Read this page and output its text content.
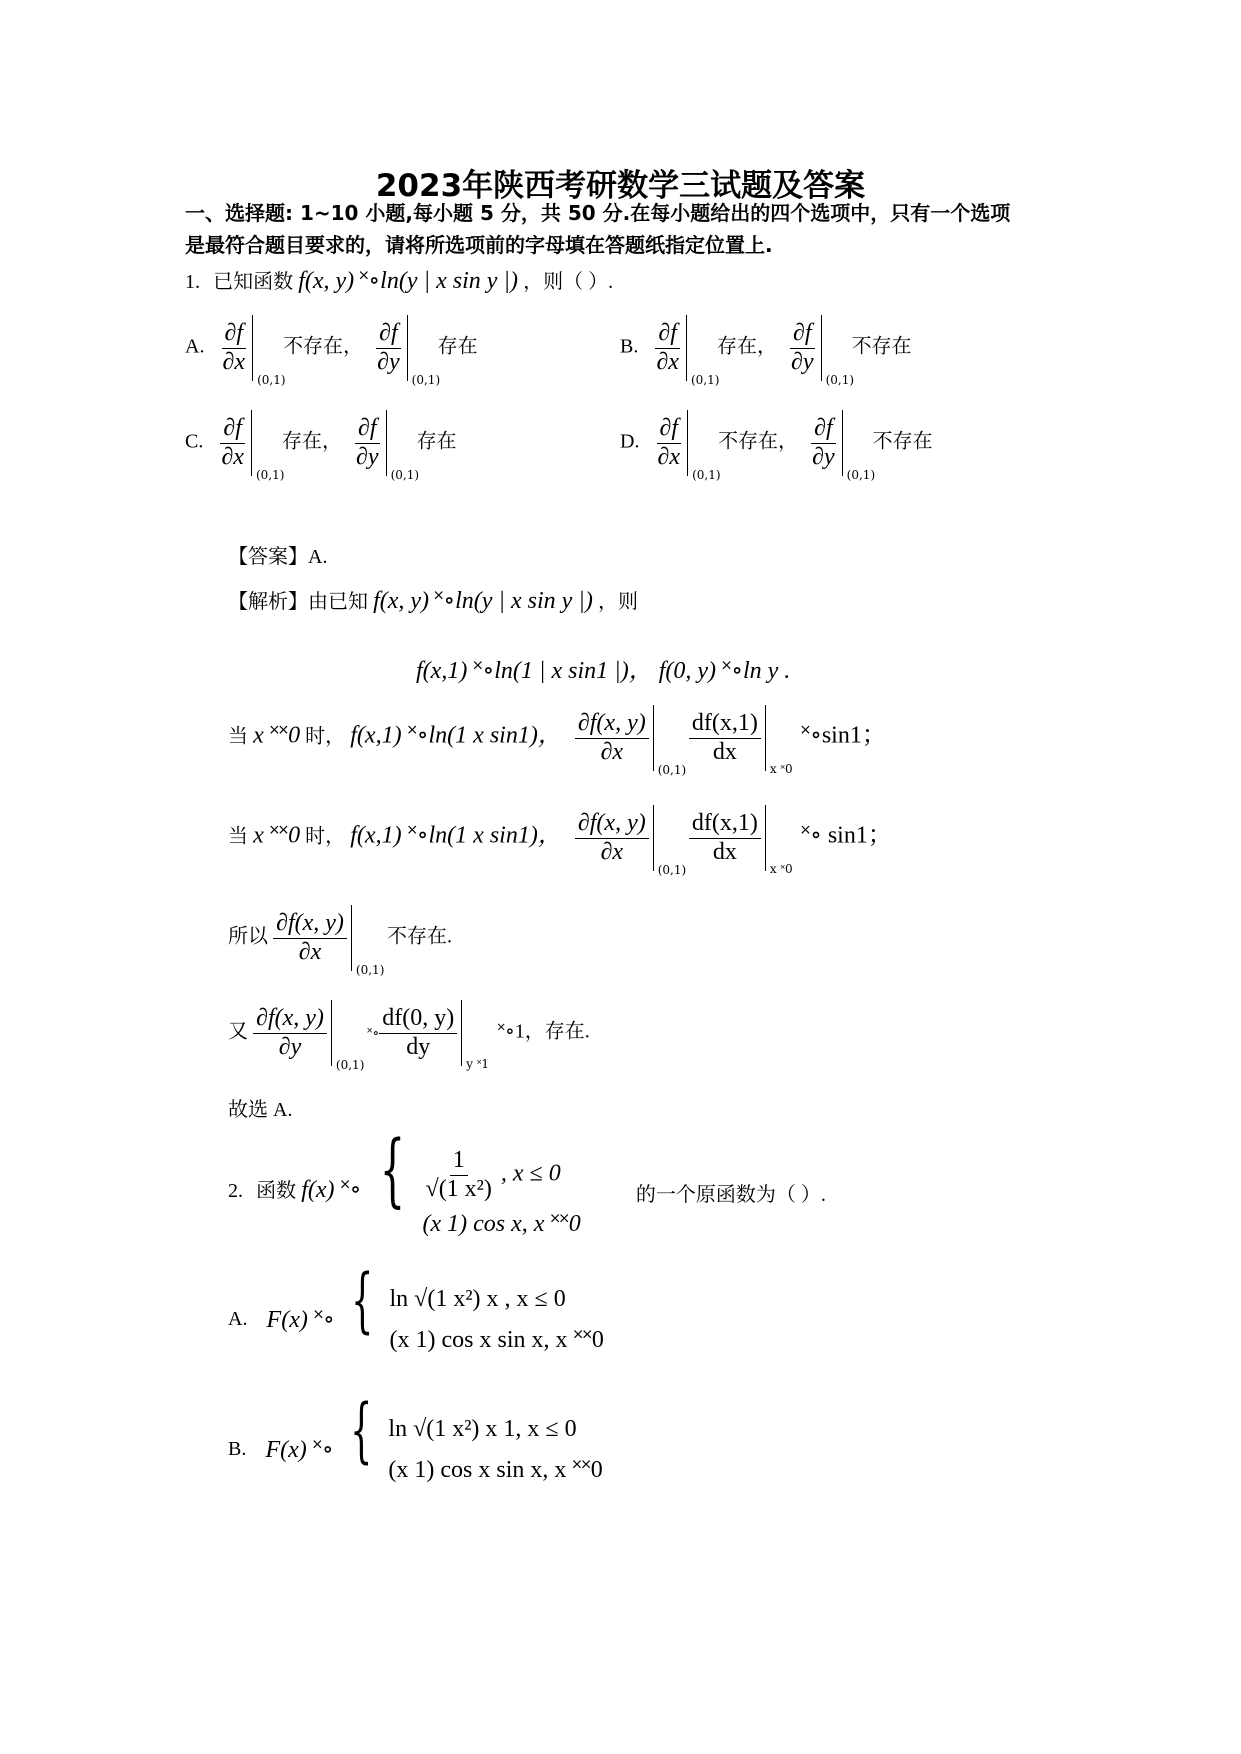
2023年陕西考研数学三试题及答案
一、选择题: 1~10 小题,每小题 5 分，共 50 分.在每小题给出的四个选项中，只有一个选项
是最符合题目要求的，请将所选项前的字母填在答题纸指定位置上.
1. 已知函数 f(x, y) ˟∘ln(y | x sin y |) ，则（ ）.
A. $\frac{\partial f}{\partial x}$
(0,1)
不存在， $\frac{\partial f}{\partial y}$
(0,1)
存在	B. $\frac{\partial f}{\partial x}$
(0,1)
存在， $\frac{\partial f}{\partial y}$
(0,1)
不存在
C. $\frac{\partial f}{\partial x}$
(0,1)
存在， $\frac{\partial f}{\partial y}$
(0,1)
存在	D. $\frac{\partial f}{\partial x}$
(0,1)
不存在， $\frac{\partial f}{\partial y}$
(0,1)
不存在
【答案】A.
【解析】由已知 f(x, y) ˟∘ln(y | x sin y |) ，则
f(x,1) ˟∘ln(1 | x sin1 |)， f(0, y) ˟∘ln y .
当 x ˟˟0 时， f(x,1) ˟∘ln(1 x sin1)， $\frac{\partial f(x, y)}{\partial x}$
(0,1)

$\frac{df(x,1)}{dx}$
x ˟0
˟∘sin1；
当 x ˟˟0 时， f(x,1) ˟∘ln(1 x sin1)， $\frac{\partial f(x, y)}{\partial x}$
(0,1)

$\frac{df(x,1)}{dx}$
x ˟0
˟∘ sin1；
所以 $\frac{\partial f(x, y)}{\partial x}$
(0,1)
不存在.
又 $\frac{\partial f(x, y)}{\partial y}$
(0,1)
˟∘ $\frac{df(0, y)}{dy}$
y ˟1
˟∘1，存在.
故选 A.
2. 函数 f(x) ˟∘ { $\frac{1}{\text{√(1 x²)}}$ , x ≤ 0
(x 1) cos x, x ˟˟0
的一个原函数为（ ）.
A. F(x) ˟∘ { ln √(1 x²) x , x ≤ 0
(x 1) cos x sin x, x ˟˟0
B. F(x) ˟∘ { ln √(1 x²) x 1, x ≤ 0
(x 1) cos x sin x, x ˟˟0
